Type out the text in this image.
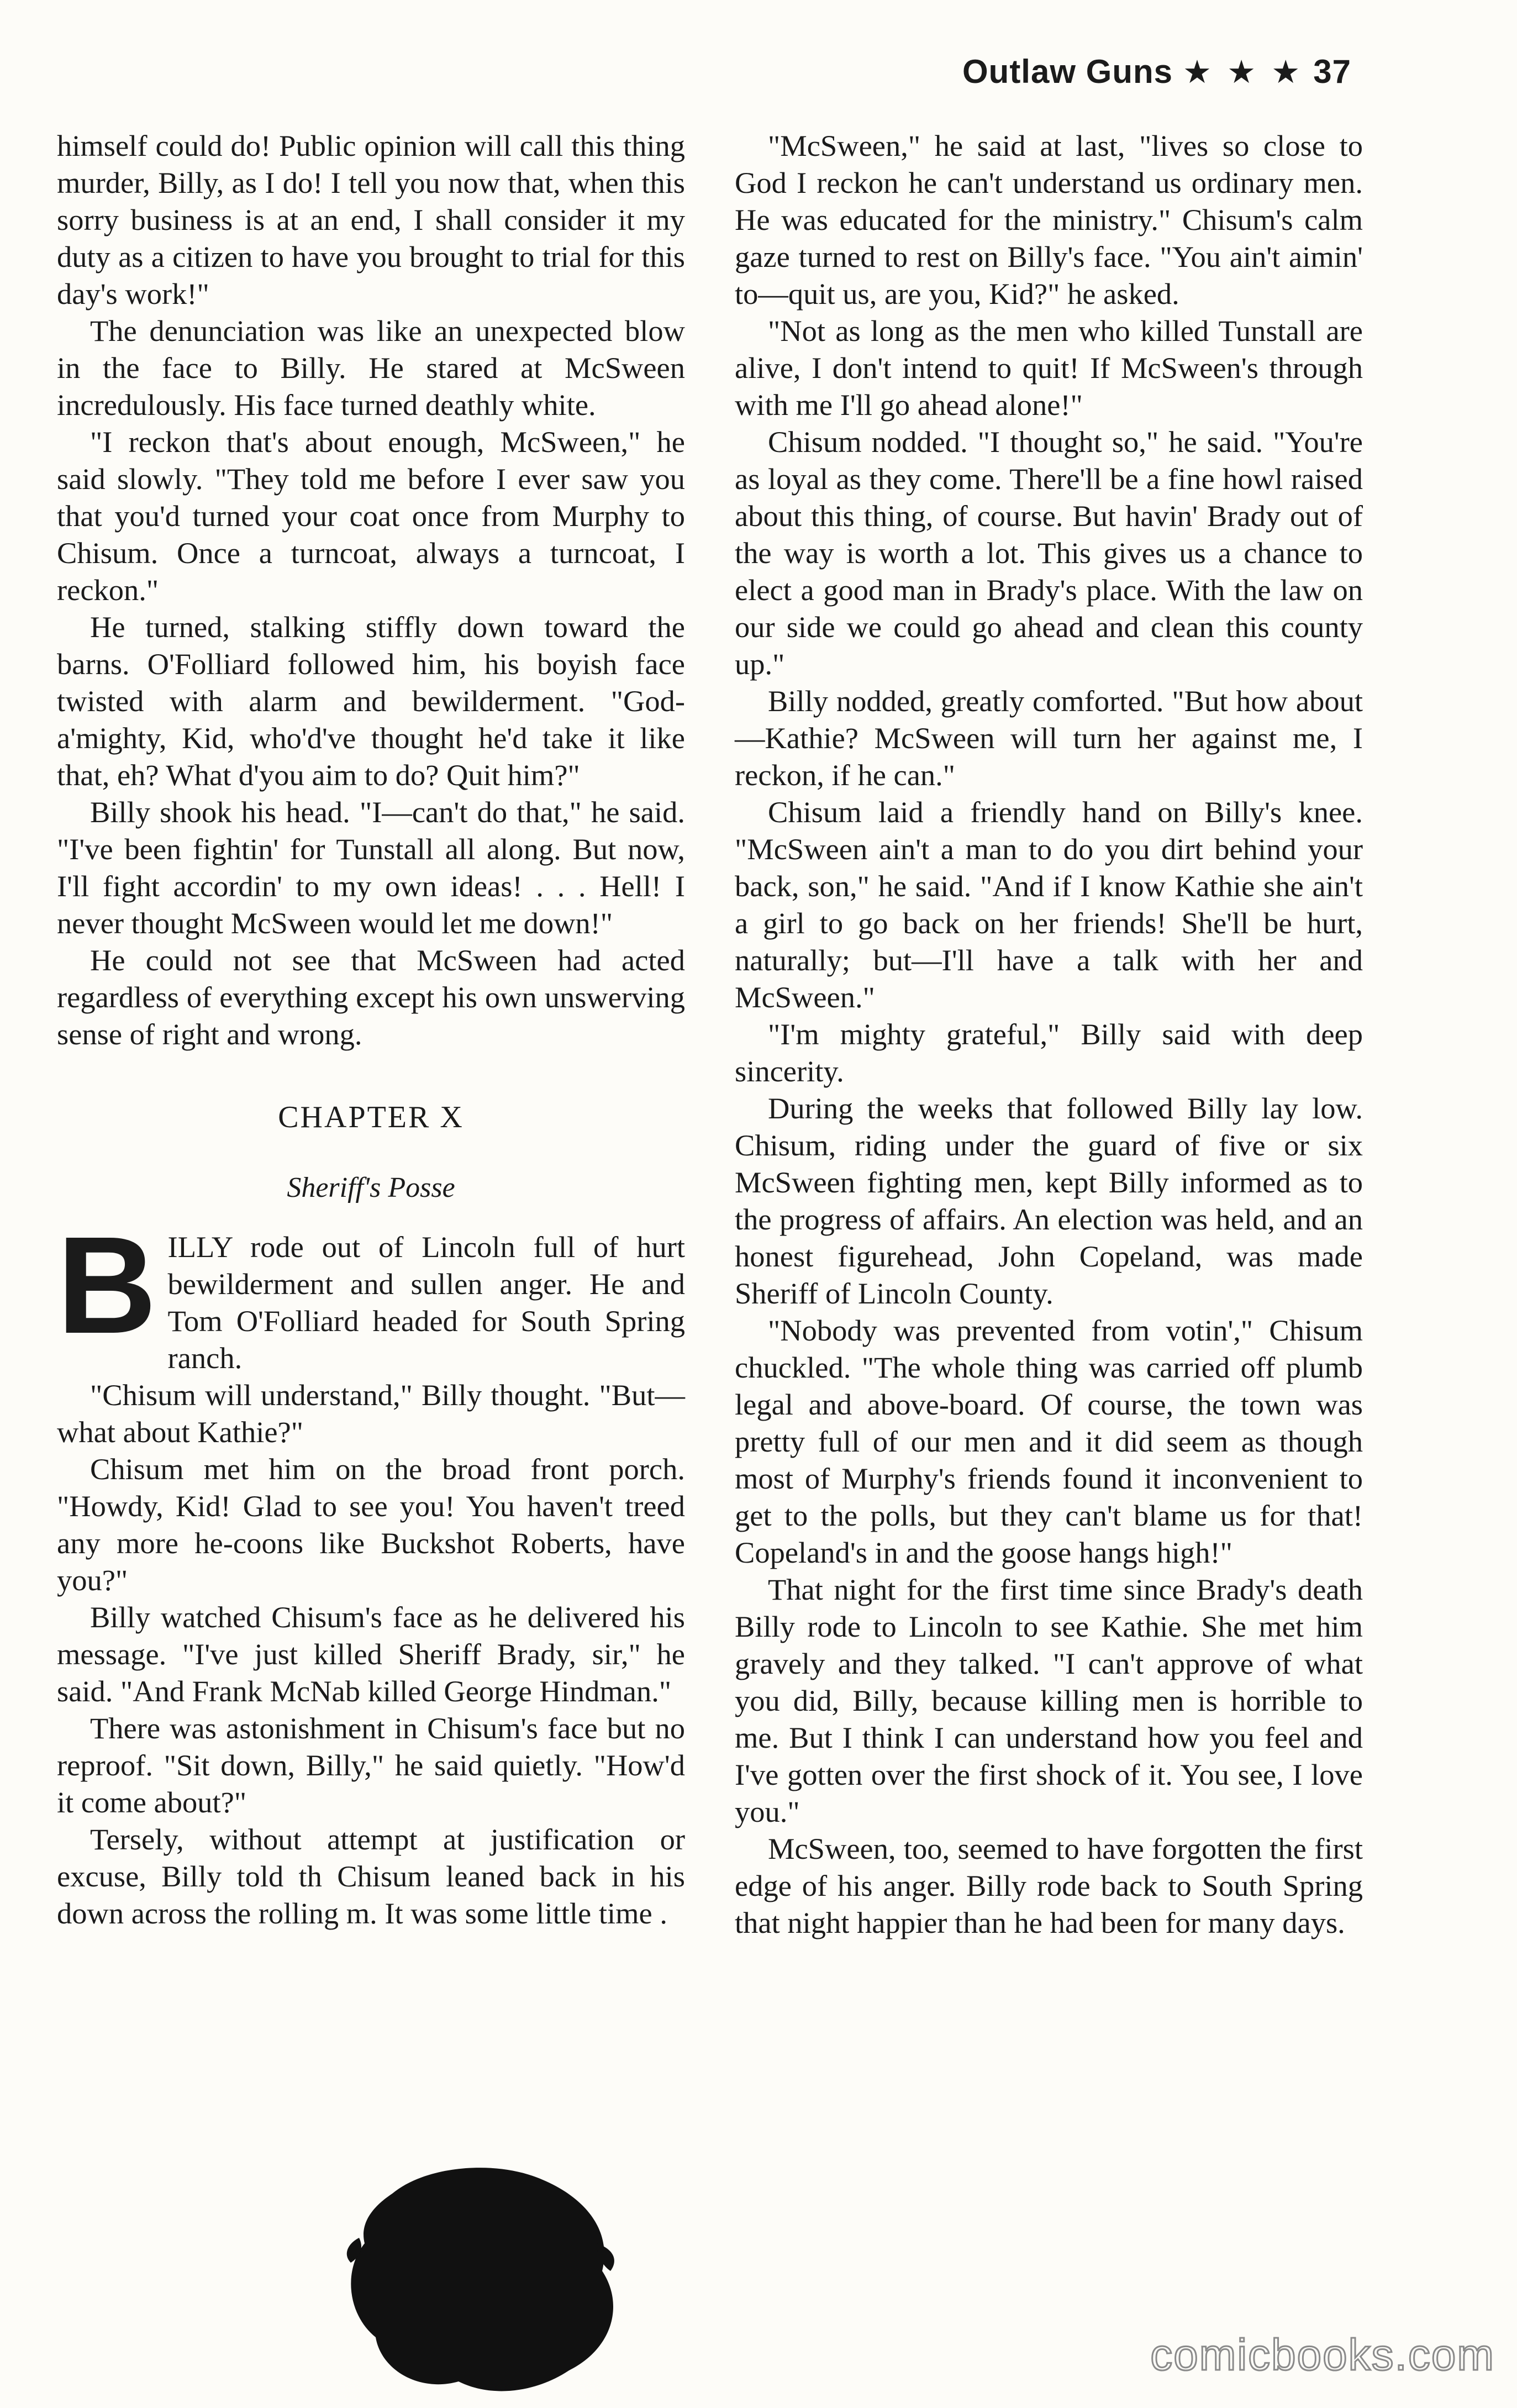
Outlaw Guns ★ ★ ★ 37

himself could do! Public opinion will call this thing murder, Billy, as I do! I tell you now that, when this sorry business is at an end, I shall consider it my duty as a citizen to have you brought to trial for this day's work!"

The denunciation was like an unexpected blow in the face to Billy. He stared at McSween incredulously. His face turned deathly white.

"I reckon that's about enough, McSween," he said slowly. "They told me before I ever saw you that you'd turned your coat once from Murphy to Chisum. Once a turncoat, always a turncoat, I reckon."

He turned, stalking stiffly down toward the barns. O'Folliard followed him, his boyish face twisted with alarm and bewilderment. "God-a'mighty, Kid, who'd've thought he'd take it like that, eh? What d'you aim to do? Quit him?"

Billy shook his head. "I—can't do that," he said. "I've been fightin' for Tunstall all along. But now, I'll fight accordin' to my own ideas! . . . Hell! I never thought McSween would let me down!"

He could not see that McSween had acted regardless of everything except his own unswerving sense of right and wrong.

CHAPTER X
Sheriff's Posse

B ILLY rode out of Lincoln full of hurt bewilderment and sullen anger. He and Tom O'Folliard headed for South Spring ranch.

"Chisum will understand," Billy thought. "But—what about Kathie?"

Chisum met him on the broad front porch. "Howdy, Kid! Glad to see you! You haven't treed any more he-coons like Buckshot Roberts, have you?"

Billy watched Chisum's face as he delivered his message. "I've just killed Sheriff Brady, sir," he said. "And Frank McNab killed George Hindman."

There was astonishment in Chisum's face but no reproof. "Sit down, Billy," he said quietly. "How'd it come about?"

Tersely, without attempt at justification or excuse, Billy told th Chisum leaned back in his down across the rolling m. It was some little time .

"McSween," he said at last, "lives so close to God I reckon he can't understand us ordinary men. He was educated for the ministry." Chisum's calm gaze turned to rest on Billy's face. "You ain't aimin' to—quit us, are you, Kid?" he asked.

"Not as long as the men who killed Tunstall are alive, I don't intend to quit! If McSween's through with me I'll go ahead alone!"

Chisum nodded. "I thought so," he said. "You're as loyal as they come. There'll be a fine howl raised about this thing, of course. But havin' Brady out of the way is worth a lot. This gives us a chance to elect a good man in Brady's place. With the law on our side we could go ahead and clean this county up."

Billy nodded, greatly comforted. "But how about—Kathie? McSween will turn her against me, I reckon, if he can."

Chisum laid a friendly hand on Billy's knee. "McSween ain't a man to do you dirt behind your back, son," he said. "And if I know Kathie she ain't a girl to go back on her friends! She'll be hurt, naturally; but—I'll have a talk with her and McSween."

"I'm mighty grateful," Billy said with deep sincerity.

During the weeks that followed Billy lay low. Chisum, riding under the guard of five or six McSween fighting men, kept Billy informed as to the progress of affairs. An election was held, and an honest figurehead, John Copeland, was made Sheriff of Lincoln County.

"Nobody was prevented from votin'," Chisum chuckled. "The whole thing was carried off plumb legal and above-board. Of course, the town was pretty full of our men and it did seem as though most of Murphy's friends found it inconvenient to get to the polls, but they can't blame us for that! Copeland's in and the goose hangs high!"

That night for the first time since Brady's death Billy rode to Lincoln to see Kathie. She met him gravely and they talked. "I can't approve of what you did, Billy, because killing men is horrible to me. But I think I can understand how you feel and I've gotten over the first shock of it. You see, I love you."

McSween, too, seemed to have forgotten the first edge of his anger. Billy rode back to South Spring that night happier than he had been for many days.

comicbooks.com
